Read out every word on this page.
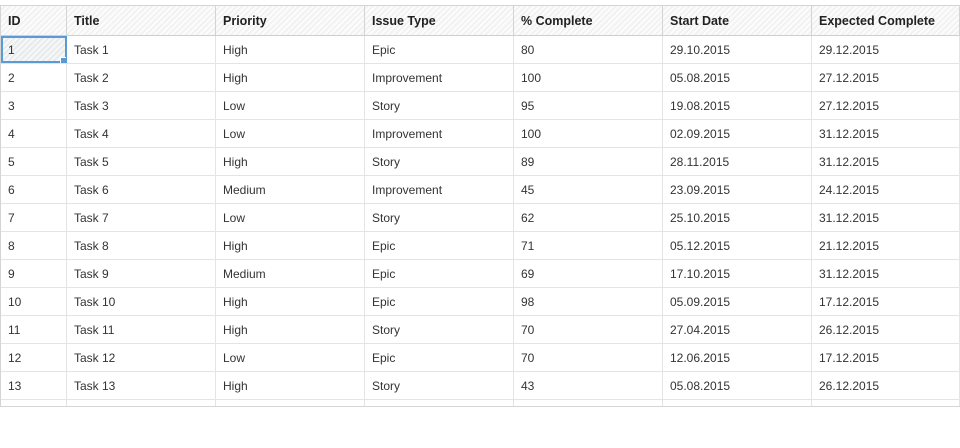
ID	Title	Priority	Issue Type	% Complete	Start Date	Expected Complete
1	Task 1	High	Epic	80	29.10.2015	29.12.2015
2	Task 2	High	Improvement	100	05.08.2015	27.12.2015
3	Task 3	Low	Story	95	19.08.2015	27.12.2015
4	Task 4	Low	Improvement	100	02.09.2015	31.12.2015
5	Task 5	High	Story	89	28.11.2015	31.12.2015
6	Task 6	Medium	Improvement	45	23.09.2015	24.12.2015
7	Task 7	Low	Story	62	25.10.2015	31.12.2015
8	Task 8	High	Epic	71	05.12.2015	21.12.2015
9	Task 9	Medium	Epic	69	17.10.2015	31.12.2015
10	Task 10	High	Epic	98	05.09.2015	17.12.2015
11	Task 11	High	Story	70	27.04.2015	26.12.2015
12	Task 12	Low	Epic	70	12.06.2015	17.12.2015
13	Task 13	High	Story	43	05.08.2015	26.12.2015
